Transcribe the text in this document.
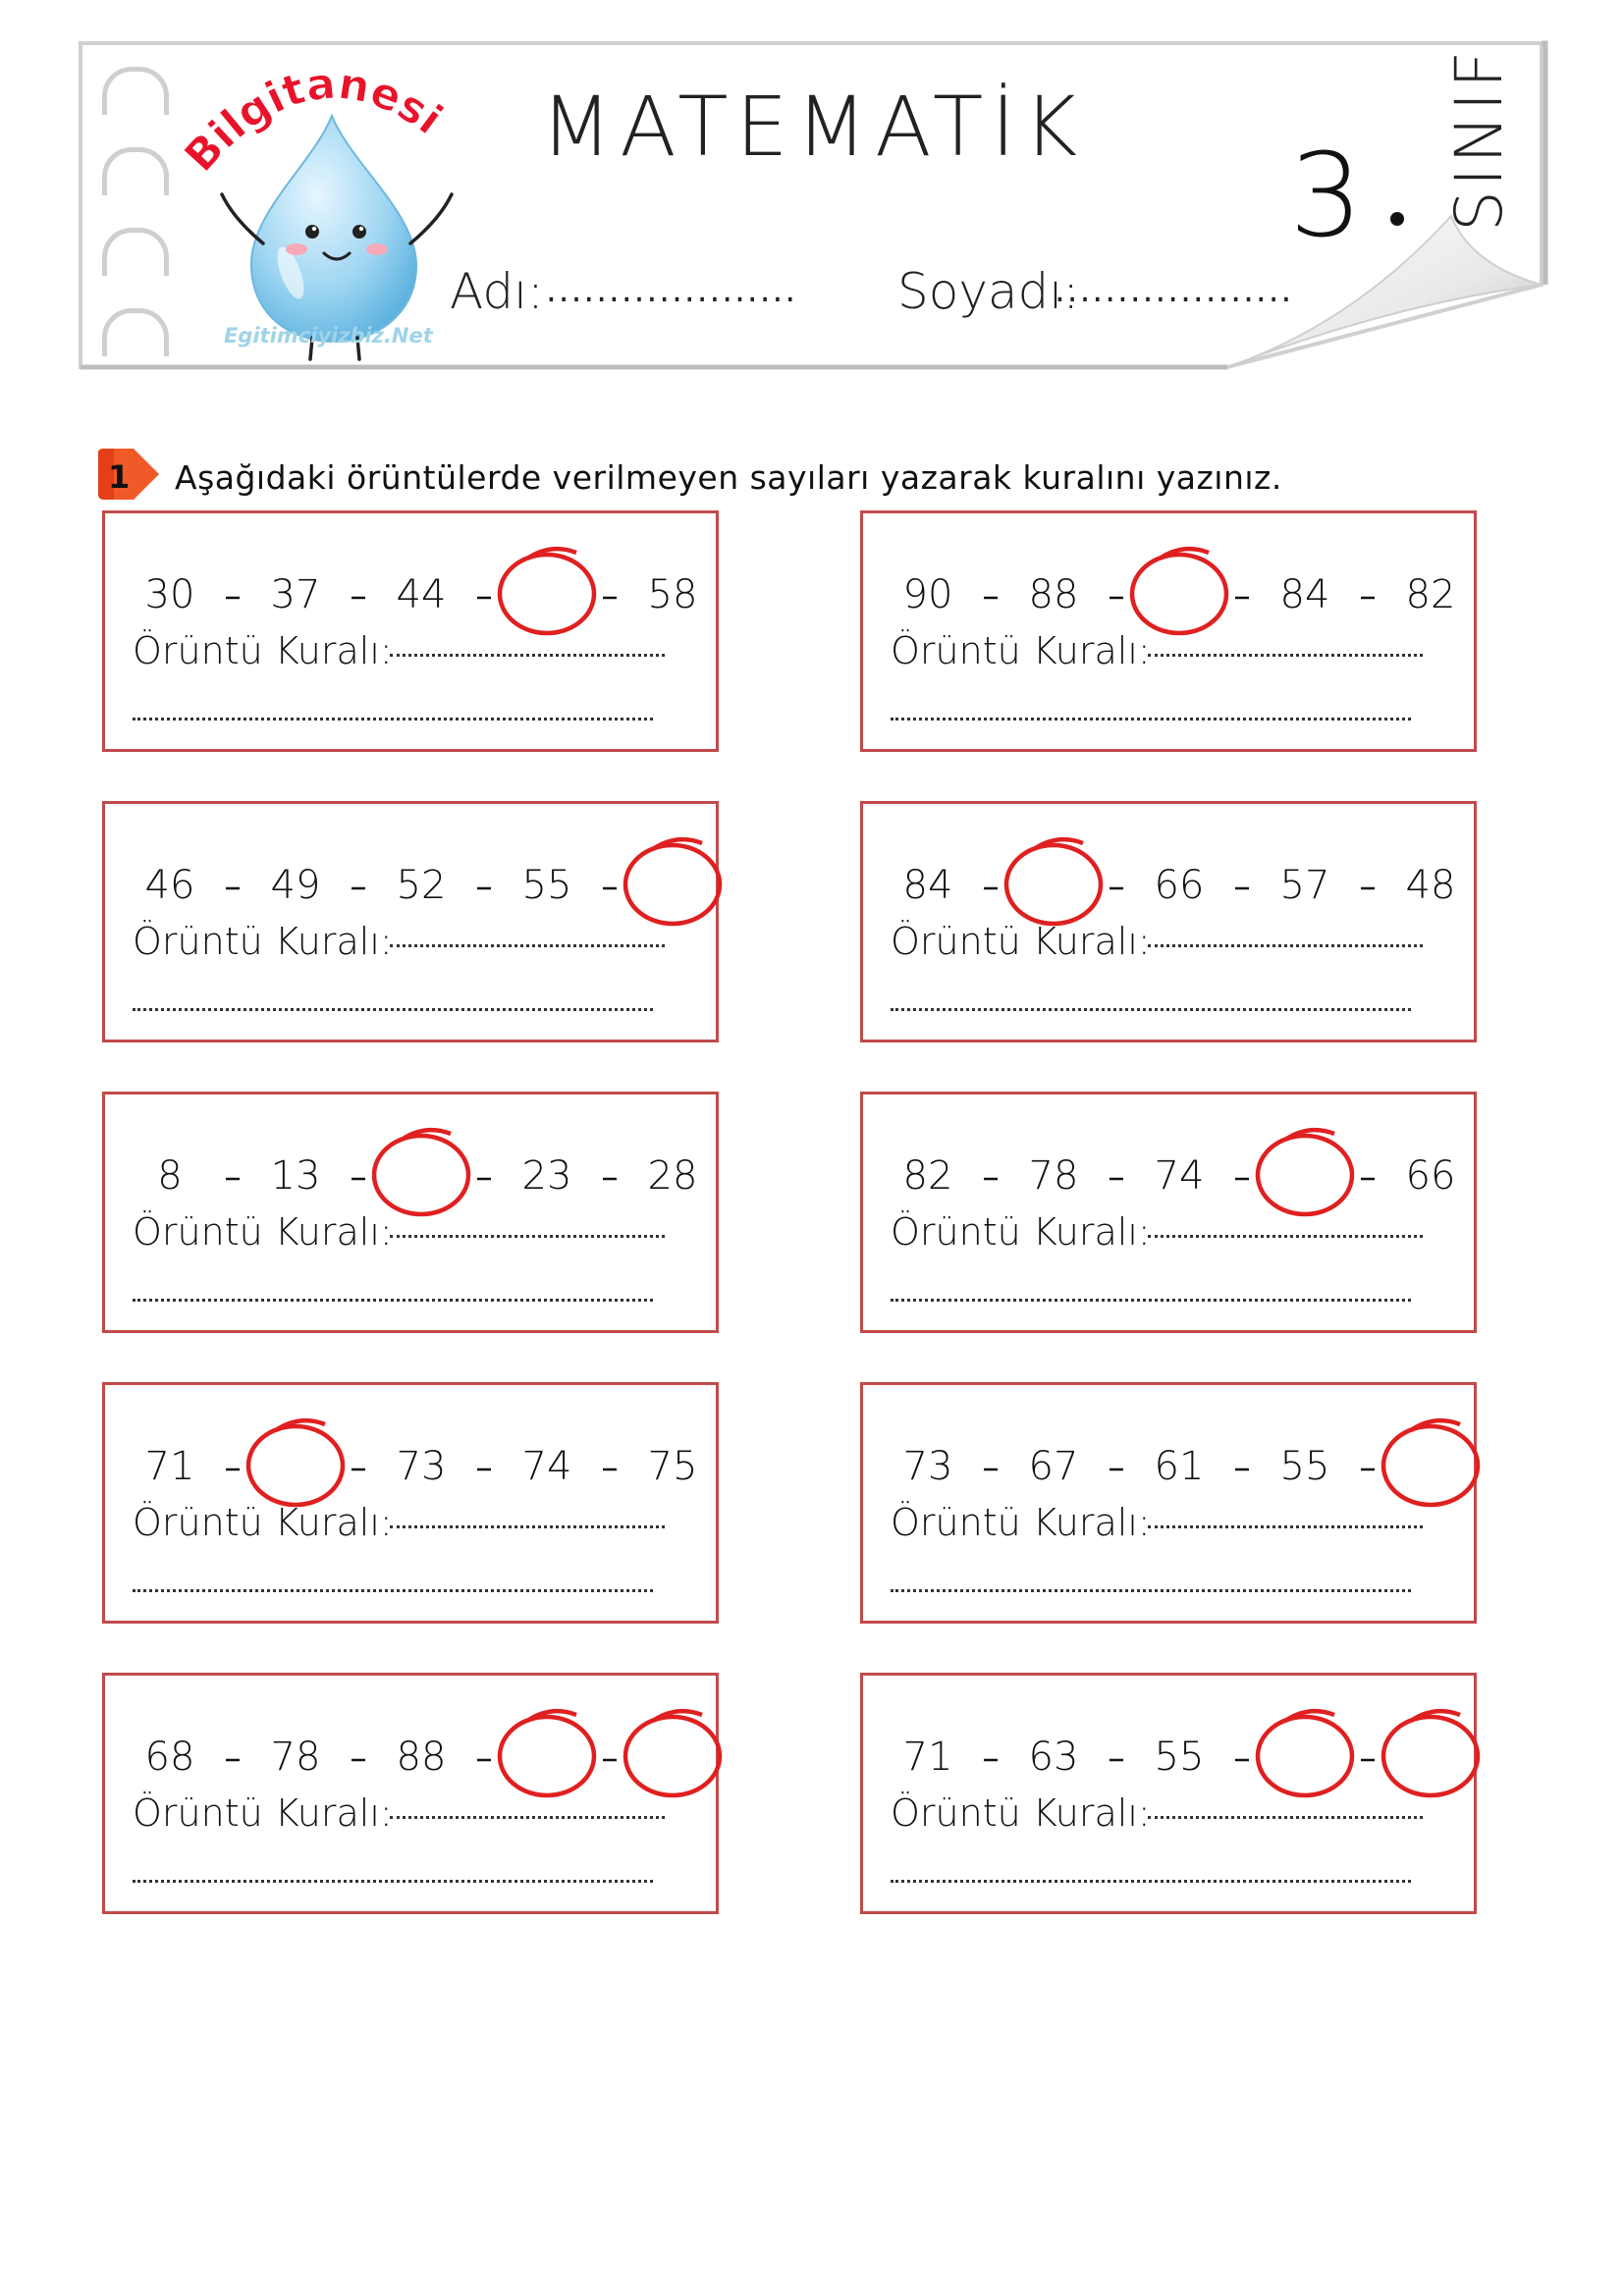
Bilgitanesi
Egitimciyizbiz.Net
MATEMATİK
3 SINIF
Adı: .................... Soyadı:
...................
1 Aşağıdaki örüntülerde verilmeyen sayıları yazarak kuralını yazınız.
30 37 44	58
Örüntü Kuralı:
90 88	84 82
Örüntü Kuralı:
46 49 52 55
Örüntü Kuralı:
84	66 57 48
Örüntü Kuralı:
8 13	23 28
Örüntü Kuralı:
82 78 74	66
Örüntü Kuralı:
71	73 74 75
Örüntü Kuralı:
73 67 61 55
Örüntü Kuralı:
68 78 88
Örüntü Kuralı:
71 63 55
Örüntü Kuralı:
